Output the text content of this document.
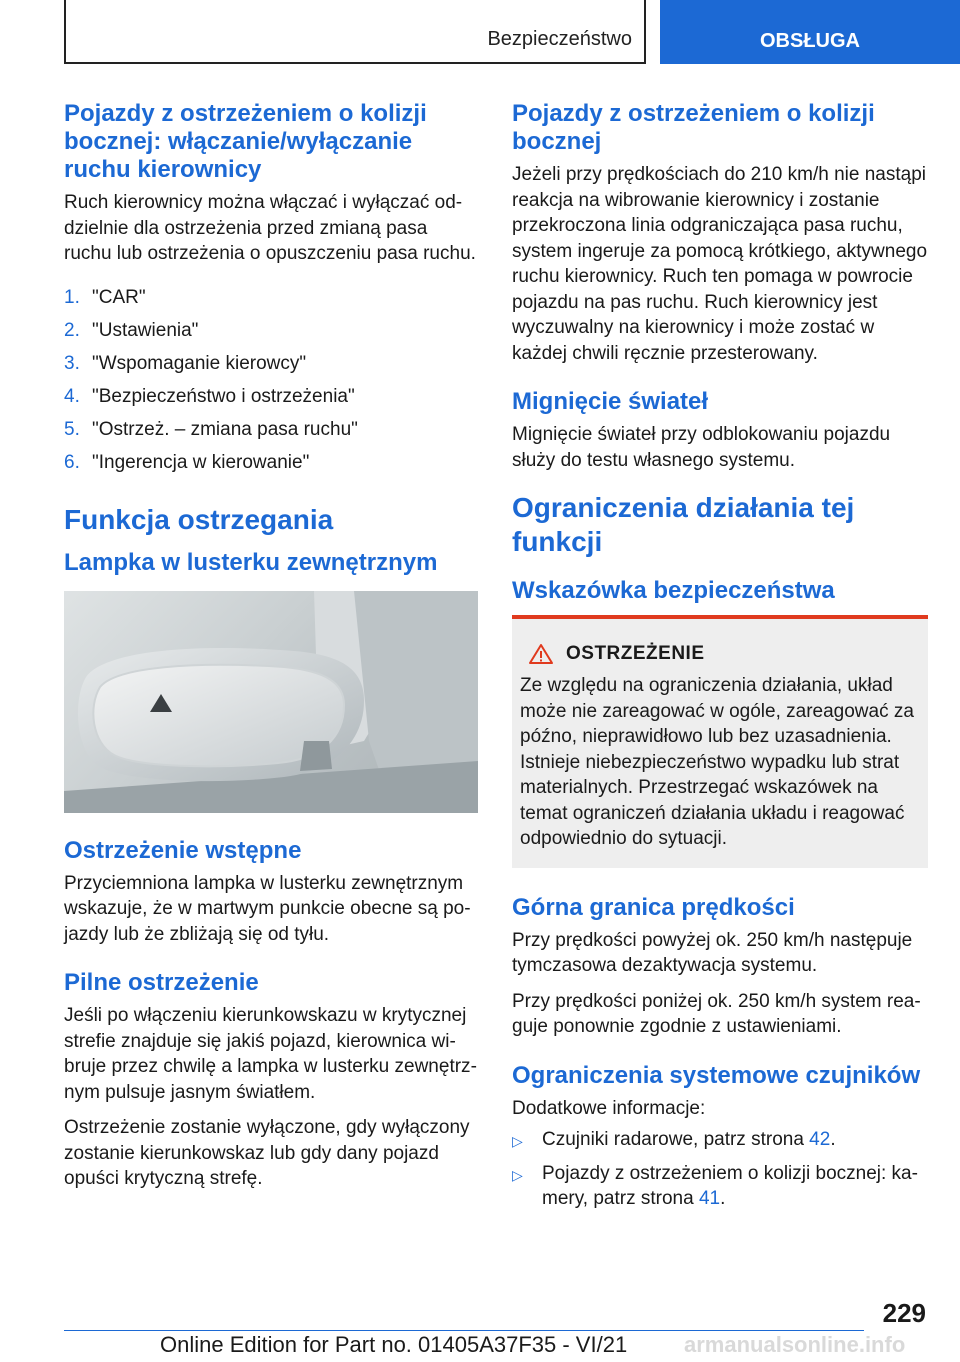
Bezpieczeństwo	OBSŁUGA
Pojazdy z ostrzeżeniem o kolizji bocznej: włączanie/wyłączanie ruchu kierownicy

Ruch kierownicy można włączać i wyłączać oddzielnie dla ostrzeżenia przed zmianą pasa ruchu lub ostrzeżenia o opuszczeniu pasa ruchu.

1. "CAR"
2. "Ustawienia"
3. "Wspomaganie kierowcy"
4. "Bezpieczeństwo i ostrzeżenia"
5. "Ostrzeż. – zmiana pasa ruchu"
6. "Ingerencja w kierowanie"
Funkcja ostrzegania
Lampka w lusterku zewnętrznym
Ostrzeżenie wstępne

Przyciemniona lampka w lusterku zewnętrznym wskazuje, że w martwym punkcie obecne są pojazdy lub że zbliżają się od tyłu.

Pilne ostrzeżenie

Jeśli po włączeniu kierunkowskazu w krytycznej strefie znajduje się jakiś pojazd, kierownica wibruje przez chwilę a lampka w lusterku zewnętrznym pulsuje jasnym światłem.

Ostrzeżenie zostanie wyłączone, gdy wyłączony zostanie kierunkowskaz lub gdy dany pojazd opuści krytyczną strefę.

Pojazdy z ostrzeżeniem o kolizji bocznej

Jeżeli przy prędkościach do 210 km/h nie nastąpi reakcja na wibrowanie kierownicy i zostanie przekroczona linia odgraniczająca pasa ruchu, system ingeruje za pomocą krótkiego, aktywnego ruchu kierownicy. Ruch ten pomaga w powrocie pojazdu na pas ruchu. Ruch kierownicy jest wyczuwalny na kierownicy i może zostać w każdej chwili ręcznie przesterowany.

Mignięcie świateł

Mignięcie świateł przy odblokowaniu pojazdu służy do testu własnego systemu.

Ograniczenia działania tej funkcji
Wskazówka bezpieczeństwa
OSTRZEŻENIE

Ze względu na ograniczenia działania, układ może nie zareagować w ogóle, zareagować za późno, nieprawidłowo lub bez uzasadnienia. Istnieje niebezpieczeństwo wypadku lub strat materialnych. Przestrzegać wskazówek na temat ograniczeń działania układu i reagować odpowiednio do sytuacji.

Górna granica prędkości

Przy prędkości powyżej ok. 250 km/h następuje tymczasowa dezaktywacja systemu.

Przy prędkości poniżej ok. 250 km/h system reaguje ponownie zgodnie z ustawieniami.

Ograniczenia systemowe czujników

Dodatkowe informacje:

▷	Czujniki radarowe, patrz strona 42.
▷	Pojazdy z ostrzeżeniem o kolizji bocznej: kamery, patrz strona 41.
229
Online Edition for Part no. 01405A37F35 - VI/21	armanualsonline.info
